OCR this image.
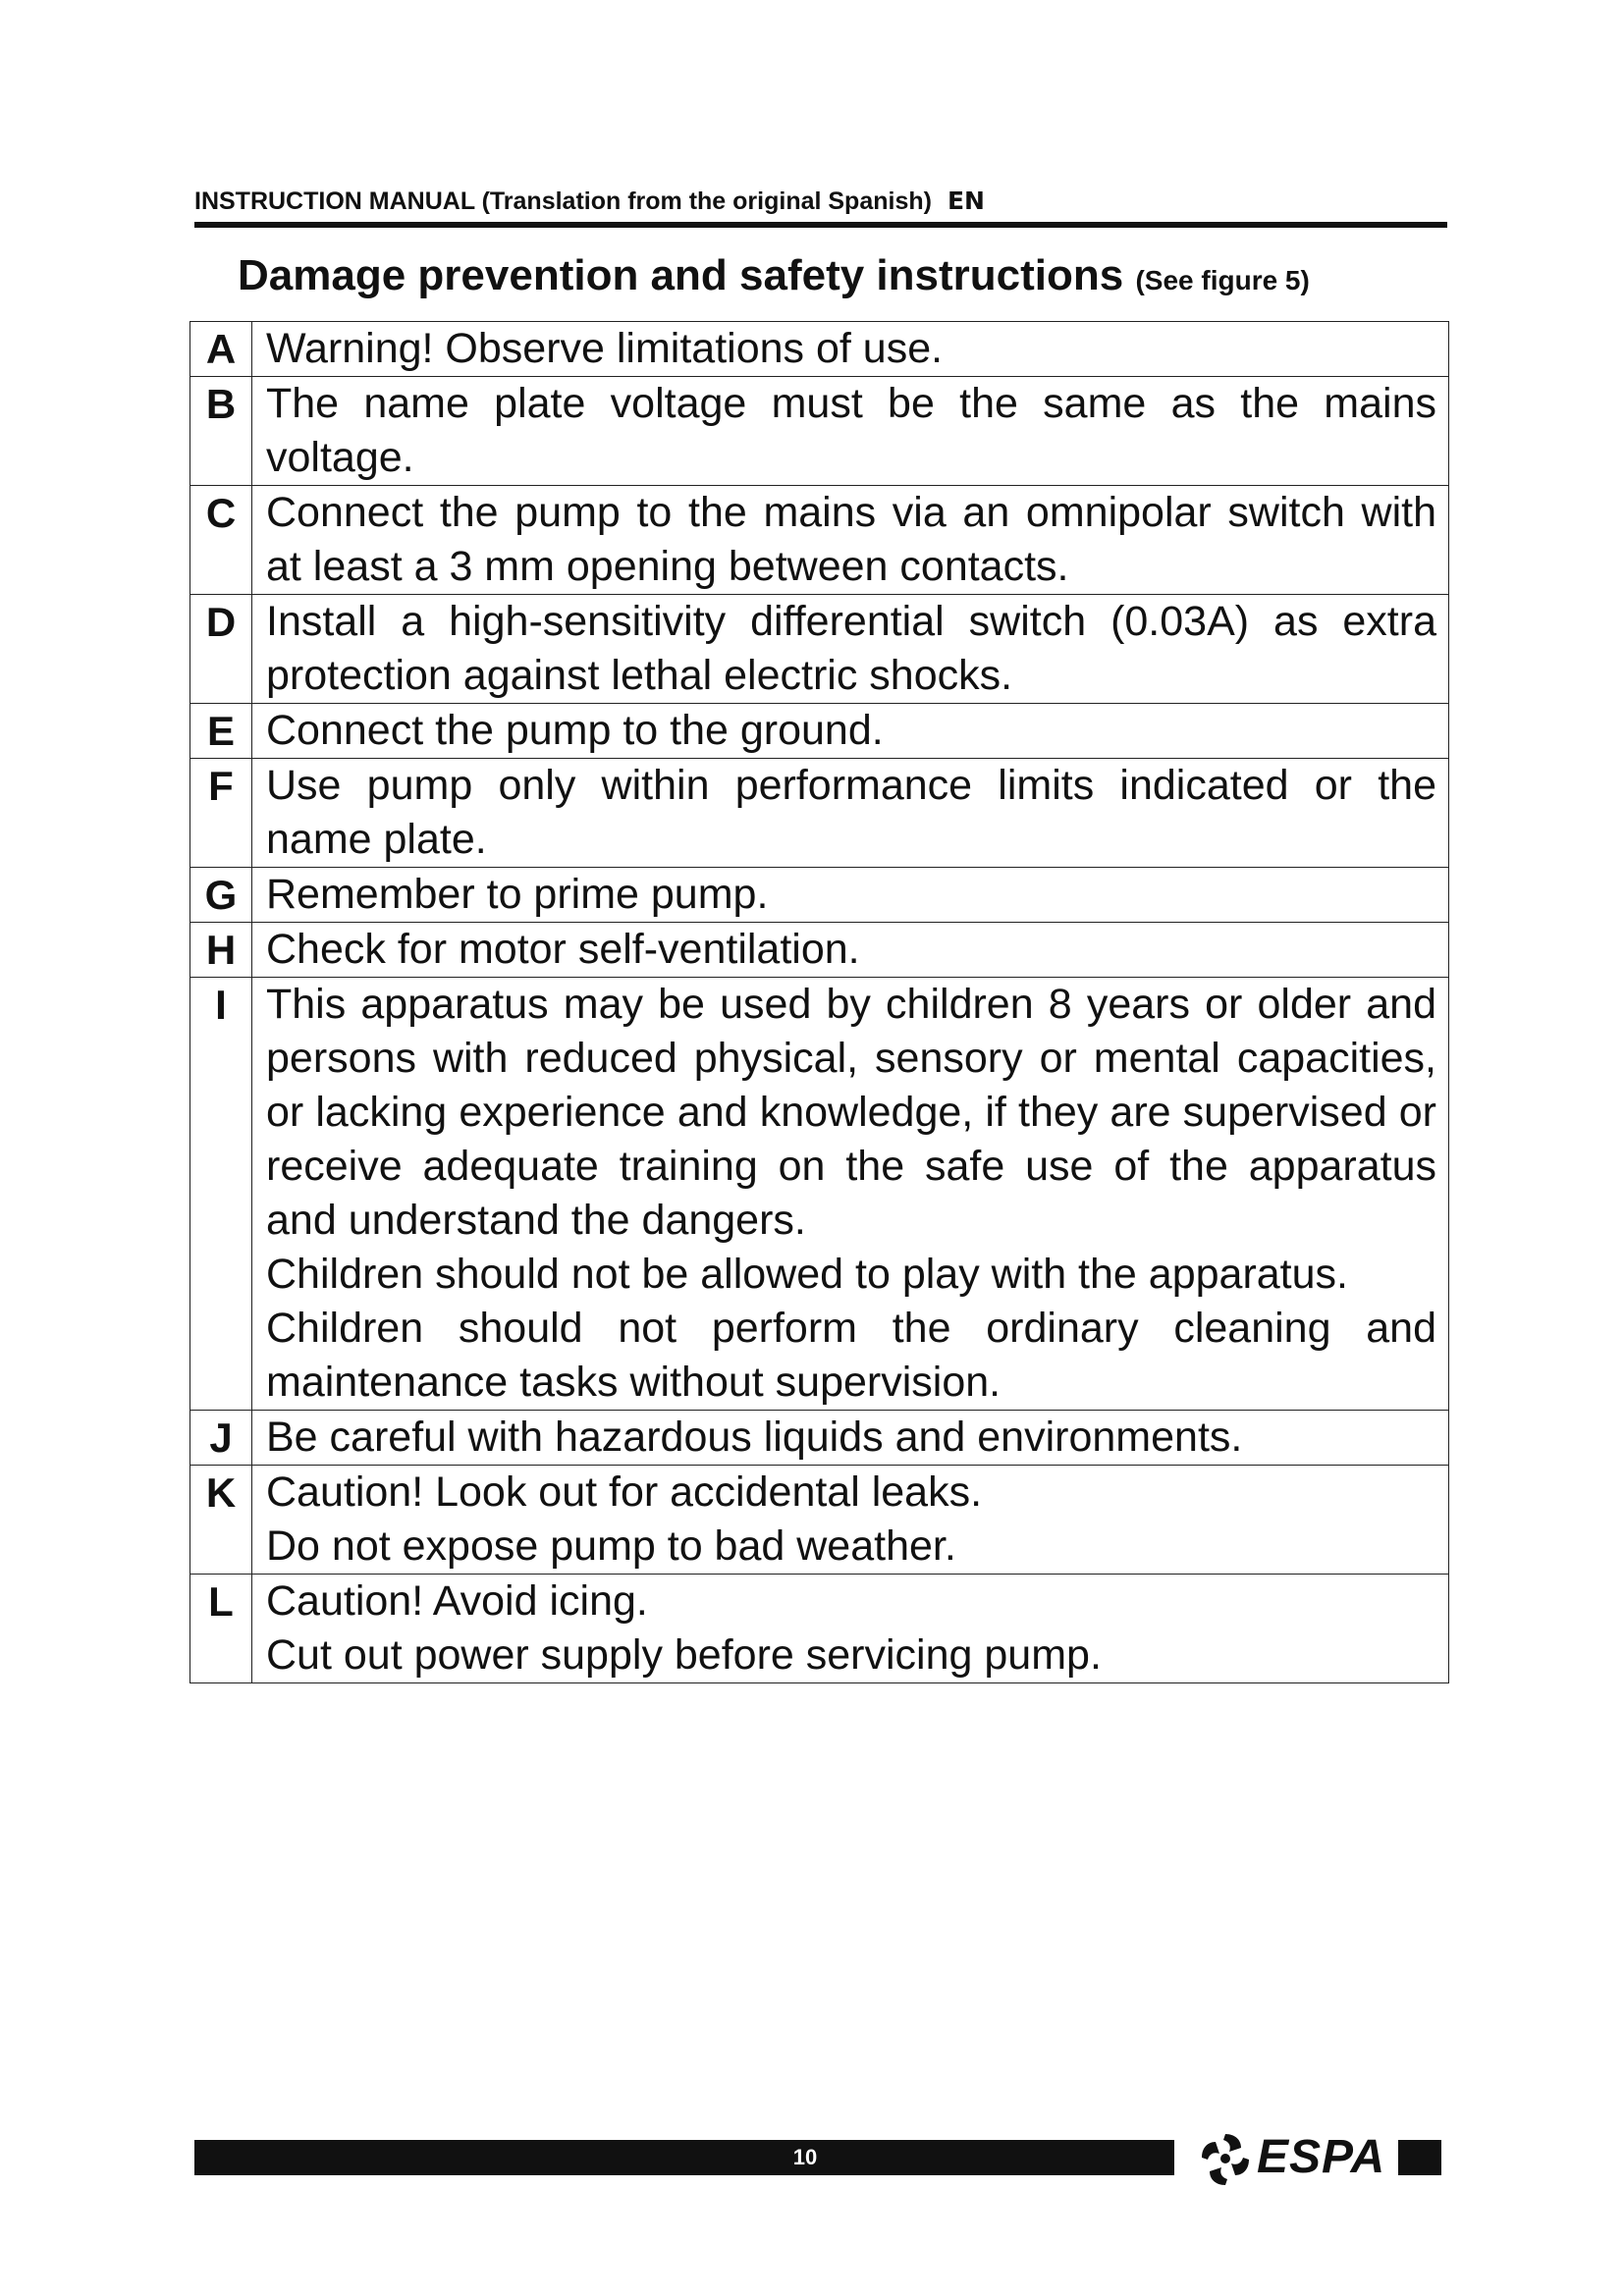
INSTRUCTION MANUAL (Translation from the original Spanish) EN
Damage prevention and safety instructions (See figure 5)
A	Warning! Observe limitations of use.

B	The name plate voltage must be the same as the mains voltage.

C	Connect the pump to the mains via an omnipolar switch with at least a 3 mm opening between contacts.

D	Install a high-sensitivity differential switch (0.03A) as extra protection against lethal electric shocks.

E	Connect the pump to the ground.

F	Use pump only within performance limits indicated or the name plate.

G	Remember to prime pump.

H	Check for motor self-ventilation.

I	This apparatus may be used by children 8 years or older and persons with reduced physical, sensory or mental capacities, or lacking experience and knowledge, if they are supervised or receive adequate training on the safe use of the apparatus and understand the dangers.
Children should not be allowed to play with the apparatus.
Children should not perform the ordinary cleaning and maintenance tasks without supervision.

J	Be careful with hazardous liquids and environments.

K	Caution! Look out for accidental leaks.
Do not expose pump to bad weather.

L	Caution! Avoid icing.
Cut out power supply before servicing pump.
10	ESPA
